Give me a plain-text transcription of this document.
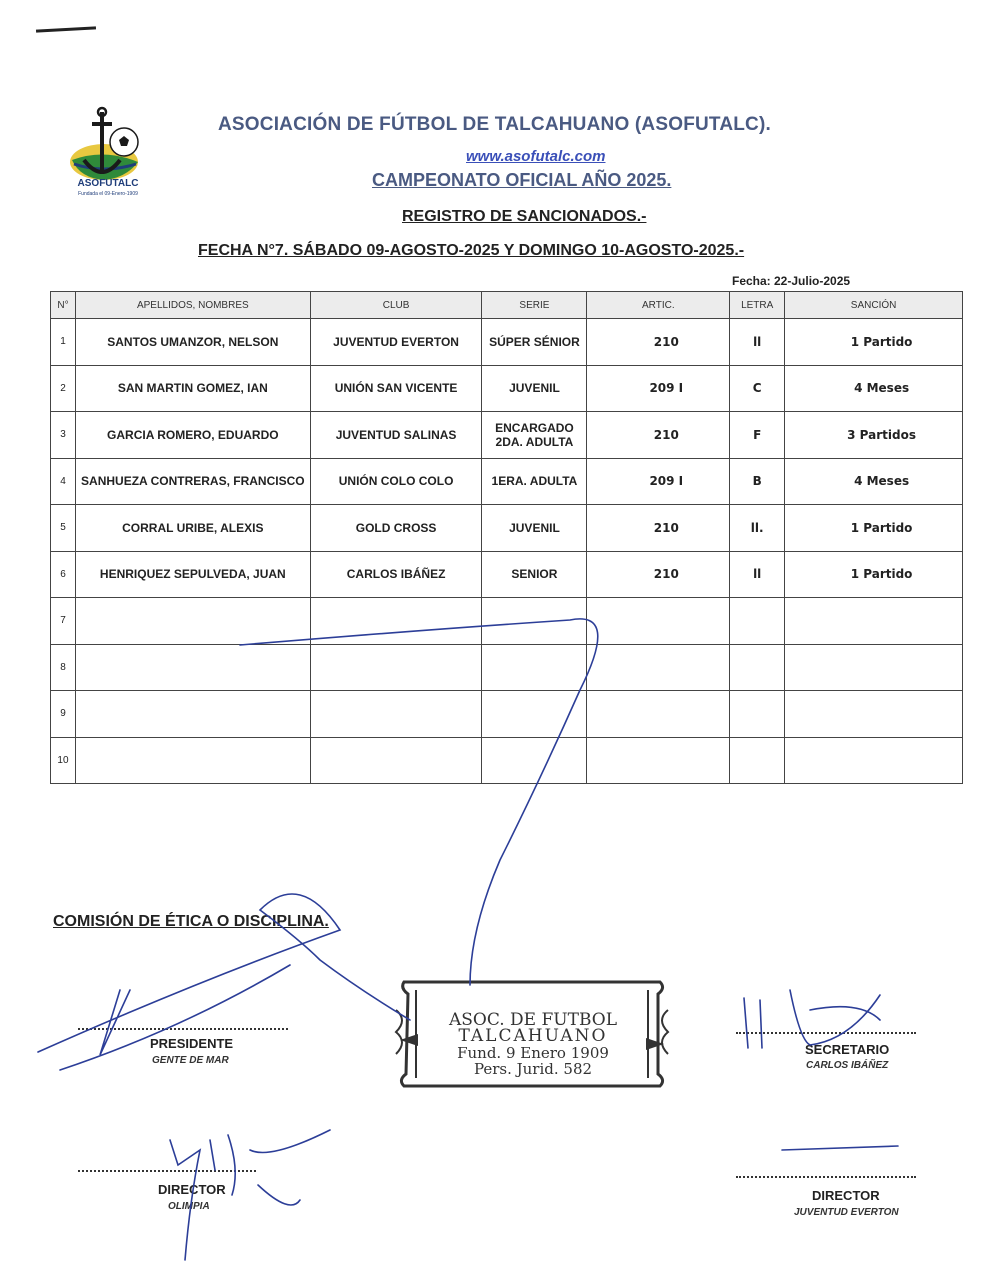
ASOFUTALC
Fundada el 09-Enero-1909
ASOCIACIÓN DE FÚTBOL DE TALCAHUANO (ASOFUTALC).
www.asofutalc.com
CAMPEONATO OFICIAL AÑO 2025.
REGISTRO DE SANCIONADOS.-
FECHA N°7. SÁBADO 09-AGOSTO-2025 Y DOMINGO 10-AGOSTO-2025.-
Fecha: 22-Julio-2025
N°	APELLIDOS, NOMBRES	CLUB	SERIE	ARTIC.	LETRA	SANCIÓN
1	SANTOS UMANZOR, NELSON	JUVENTUD EVERTON	SÚPER SÉNIOR	210	ll	1 Partido
2	SAN MARTIN GOMEZ, IAN	UNIÓN SAN VICENTE	JUVENIL	209 I	C	4 Meses
3	GARCIA ROMERO, EDUARDO	JUVENTUD SALINAS	ENCARGADO 2DA. ADULTA	210	F	3 Partidos
4	SANHUEZA CONTRERAS, FRANCISCO	UNIÓN COLO COLO	1ERA. ADULTA	209 I	B	4 Meses
5	CORRAL URIBE, ALEXIS	GOLD CROSS	JUVENIL	210	ll.	1 Partido
6	HENRIQUEZ SEPULVEDA, JUAN	CARLOS IBÁÑEZ	SENIOR	210	ll	1 Partido
7						
8						
9						
10						
COMISIÓN DE ÉTICA O DISCIPLINA.
PRESIDENTE
GENTE DE MAR
SECRETARIO
CARLOS IBÁÑEZ
DIRECTOR
OLIMPIA
DIRECTOR
JUVENTUD EVERTON
ASOC. DE FUTBOL
TALCAHUANO
Fund. 9 Enero 1909
Pers. Jurid. 582
